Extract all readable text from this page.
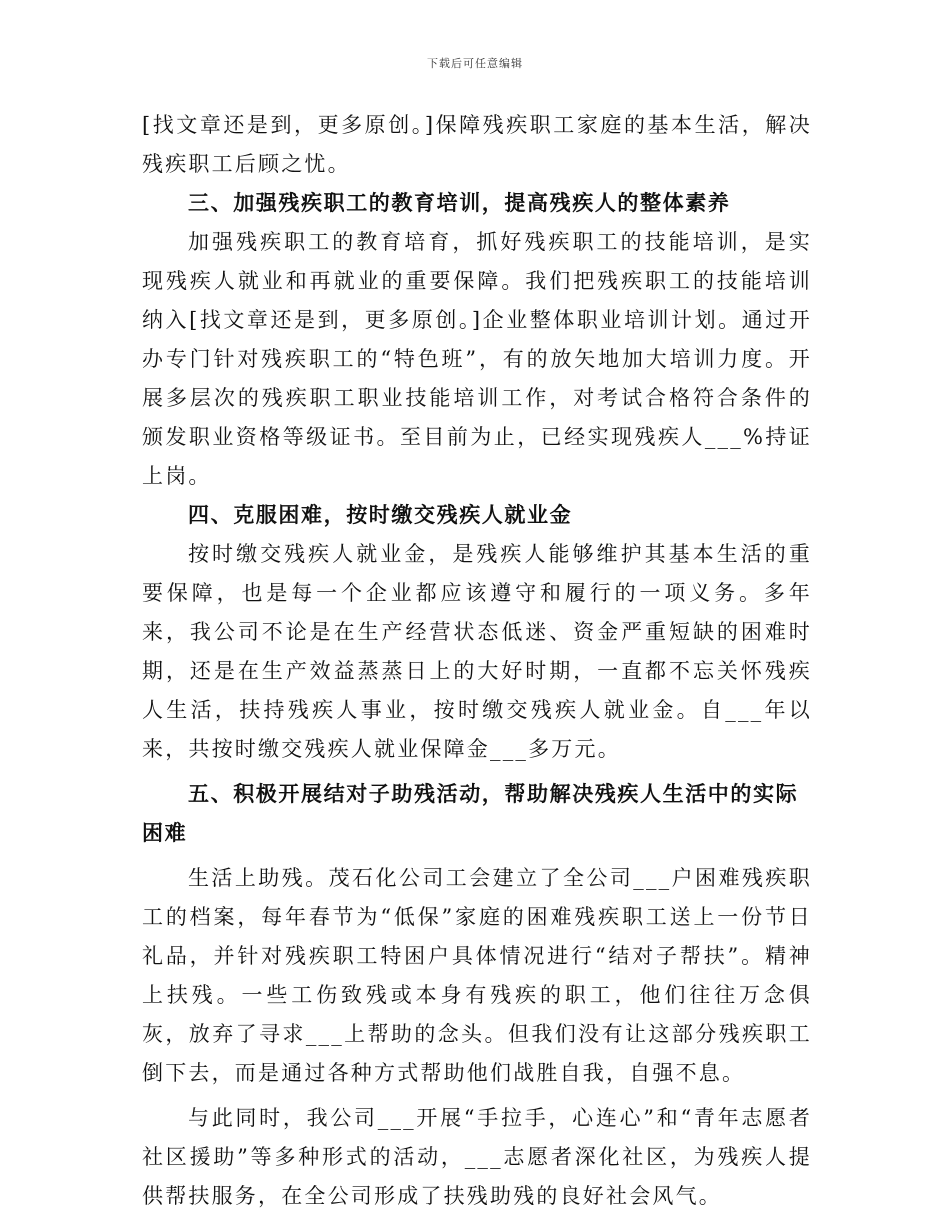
下载后可任意编辑

[找文章还是到，更多原创。]保障残疾职工家庭的基本生活，解决残疾职工后顾之忧。

三、加强残疾职工的教育培训，提高残疾人的整体素养

加强残疾职工的教育培育，抓好残疾职工的技能培训，是实现残疾人就业和再就业的重要保障。我们把残疾职工的技能培训纳入[找文章还是到，更多原创。]企业整体职业培训计划。通过开办专门针对残疾职工的“特色班”，有的放矢地加大培训力度。开展多层次的残疾职工职业技能培训工作，对考试合格符合条件的颁发职业资格等级证书。至目前为止，已经实现残疾人___%持证上岗。

四、克服困难，按时缴交残疾人就业金

按时缴交残疾人就业金，是残疾人能够维护其基本生活的重要保障，也是每一个企业都应该遵守和履行的一项义务。多年来，我公司不论是在生产经营状态低迷、资金严重短缺的困难时期，还是在生产效益蒸蒸日上的大好时期，一直都不忘关怀残疾人生活，扶持残疾人事业，按时缴交残疾人就业金。自___年以来，共按时缴交残疾人就业保障金___多万元。

五、积极开展结对子助残活动，帮助解决残疾人生活中的实际困难

生活上助残。茂石化公司工会建立了全公司___户困难残疾职工的档案，每年春节为“低保”家庭的困难残疾职工送上一份节日礼品，并针对残疾职工特困户具体情况进行“结对子帮扶”。精神上扶残。一些工伤致残或本身有残疾的职工，他们往往万念俱灰，放弃了寻求___上帮助的念头。但我们没有让这部分残疾职工倒下去，而是通过各种方式帮助他们战胜自我，自强不息。

与此同时，我公司___开展“手拉手，心连心”和“青年志愿者社区援助”等多种形式的活动，___志愿者深化社区，为残疾人提供帮扶服务，在全公司形成了扶残助残的良好社会风气。
